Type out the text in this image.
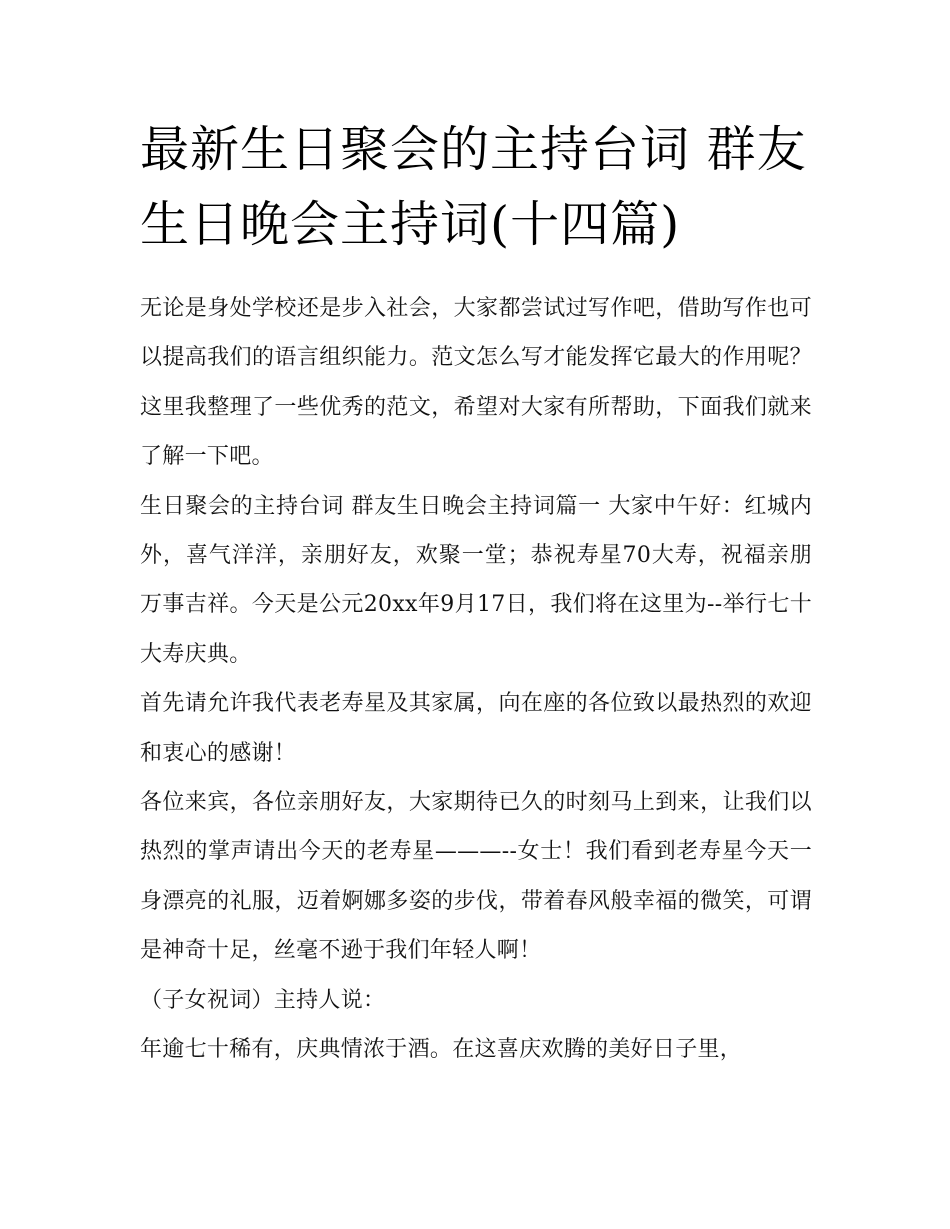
最新生日聚会的主持台词 群友生日晚会主持词(十四篇)

无论是身处学校还是步入社会，大家都尝试过写作吧，借助写作也可以提高我们的语言组织能力。范文怎么写才能发挥它最大的作用呢？这里我整理了一些优秀的范文，希望对大家有所帮助，下面我们就来了解一下吧。

生日聚会的主持台词 群友生日晚会主持词篇一 大家中午好：红城内外，喜气洋洋，亲朋好友，欢聚一堂；恭祝寿星70大寿，祝福亲朋万事吉祥。今天是公元20xx年9月17日，我们将在这里为--举行七十大寿庆典。

首先请允许我代表老寿星及其家属，向在座的各位致以最热烈的欢迎和衷心的感谢！

各位来宾，各位亲朋好友，大家期待已久的时刻马上到来，让我们以热烈的掌声请出今天的老寿星———--女士！我们看到老寿星今天一身漂亮的礼服，迈着婀娜多姿的步伐，带着春风般幸福的微笑，可谓是神奇十足，丝毫不逊于我们年轻人啊！

（子女祝词）主持人说：

年逾七十稀有，庆典情浓于酒。在这喜庆欢腾的美好日子里，
